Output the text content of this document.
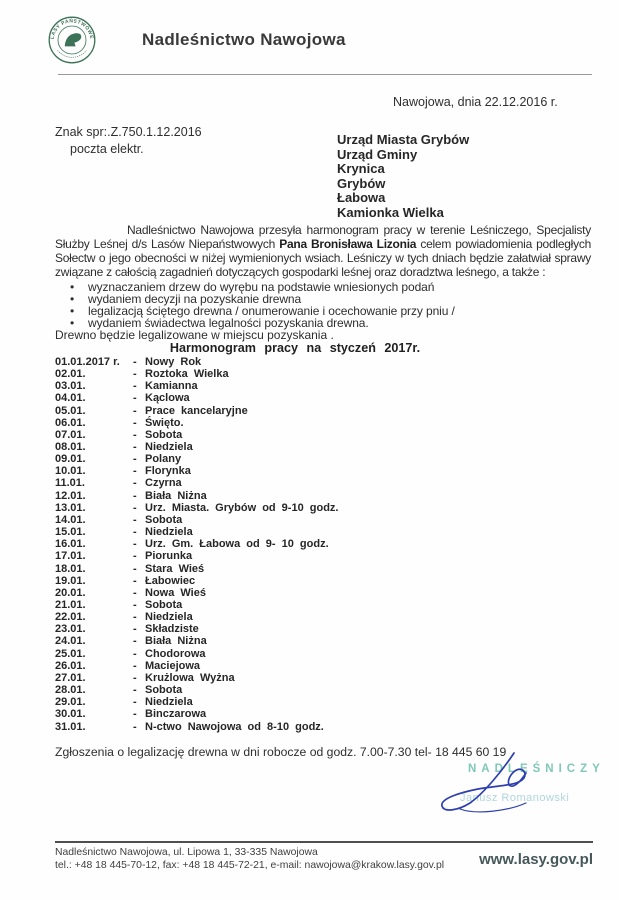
LASY PAŃSTWOWE	Nadleśnictwo Nawojowa
Nawojowa, dnia 22.12.2016 r.
Znak spr:.Z.750.1.12.2016
poczta elektr.
Urząd Miasta Grybów
Urząd Gminy
Krynica
Grybów
Łabowa
Kamionka Wielka

Nadleśnictwo Nawojowa przesyła harmonogram pracy w terenie Leśniczego, Specjalisty Służby Leśnej d/s Lasów Niepaństwowych Pana Bronisława Lizonia celem powiadomienia podległych Sołectw o jego obecności w niżej wymienionych wsiach. Leśniczy w tych dniach będzie załatwiał sprawy związane z całością zagadnień dotyczących gospodarki leśnej oraz doradztwa leśnego, a także :

• wyznaczaniem drzew do wyrębu na podstawie wniesionych podań
• wydaniem decyzji na pozyskanie drewna
• legalizacją ściętego drewna / onumerowanie i ocechowanie przy pniu /
• wydaniem świadectwa legalności pozyskania drewna.
Drewno będzie legalizowane w miejscu pozyskania .
Harmonogram pracy na styczeń 2017r.
01.01.2017 r.	- Nowy Rok
02.01.	- Roztoka Wielka
03.01.	- Kamianna
04.01.	- Kąclowa
05.01.	- Prace kancelaryjne
06.01.	- Święto.
07.01.	- Sobota
08.01.	- Niedziela
09.01.	- Polany
10.01.	- Florynka
11.01.	- Czyrna
12.01.	- Biała Niżna
13.01.	- Urz. Miasta. Grybów od 9-10 godz.
14.01.	- Sobota
15.01.	- Niedziela
16.01.	- Urz. Gm. Łabowa od 9- 10 godz.
17.01.	- Piorunka
18.01.	- Stara Wieś
19.01.	- Łabowiec
20.01.	- Nowa Wieś
21.01.	- Sobota
22.01.	- Niedziela
23.01.	- Składziste
24.01.	- Biała Niżna
25.01.	- Chodorowa
26.01.	- Maciejowa
27.01.	- Krużlowa Wyżna
28.01.	- Sobota
29.01.	- Niedziela
30.01.	- Binczarowa
31.01.	- N-ctwo Nawojowa od 8-10 godz.
Zgłoszenia o legalizację drewna w dni robocze od godz. 7.00-7.30 tel- 18 445 60 19
NADLEŚNICZY
Janusz Romanowski
Nadleśnictwo Nawojowa, ul. Lipowa 1, 33-335 Nawojowa
tel.: +48 18 445-70-12, fax: +48 18 445-72-21, e-mail: nawojowa@krakow.lasy.gov.pl www.lasy.gov.pl
